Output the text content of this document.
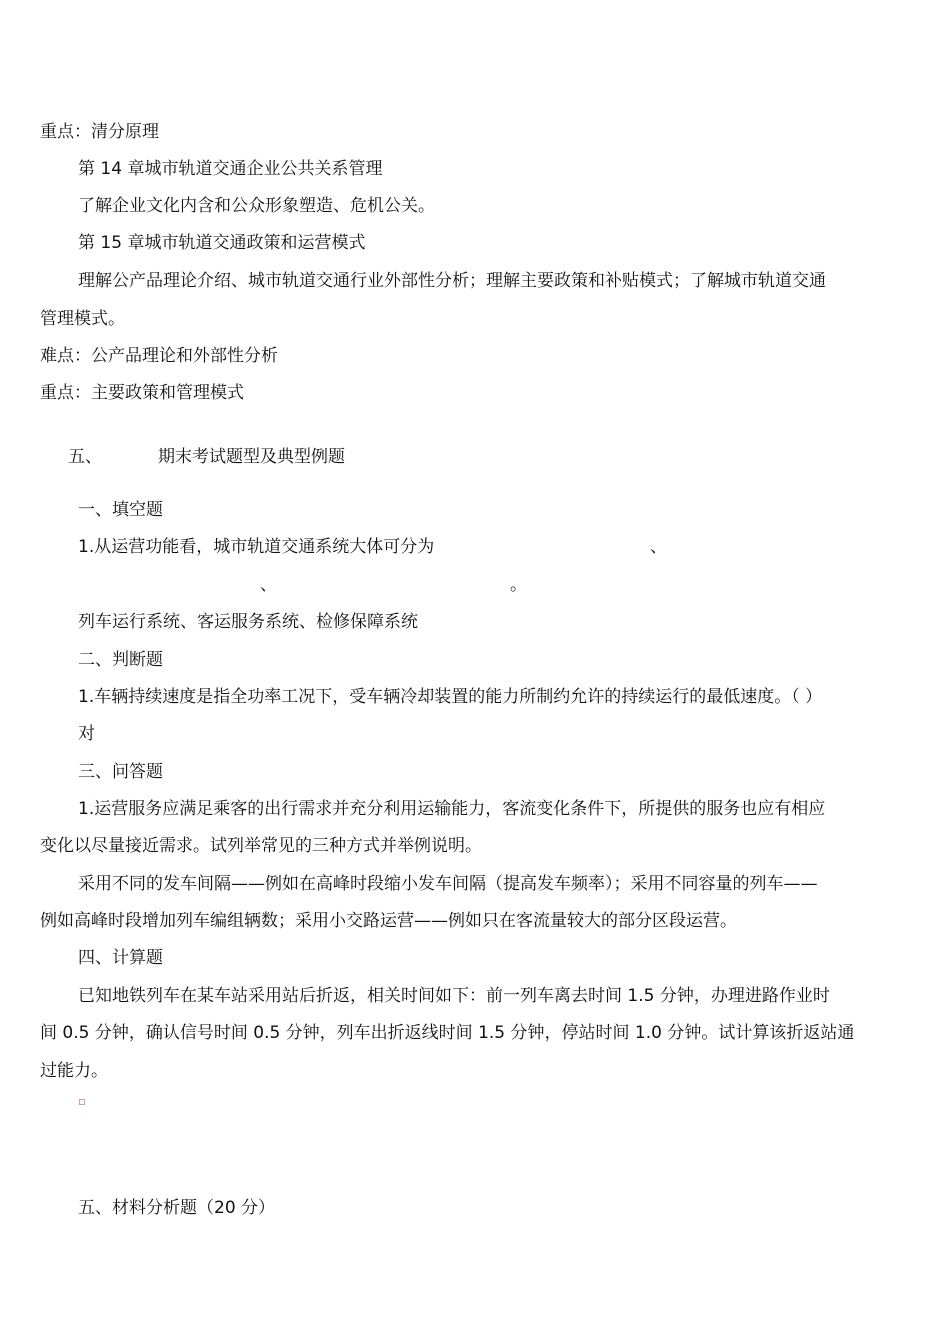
重点：清分原理
第 14 章城市轨道交通企业公共关系管理
了解企业文化内含和公众形象塑造、危机公关。
第 15 章城市轨道交通政策和运营模式
理解公产品理论介绍、城市轨道交通行业外部性分析；理解主要政策和补贴模式；了解城市轨道交通
管理模式。
难点：公产品理论和外部性分析
重点：主要政策和管理模式
五、	期末考试题型及典型例题
一、填空题
1.从运营功能看，城市轨道交通系统大体可分为	、
、	。
列车运行系统、客运服务系统、检修保障系统
二、判断题
1.车辆持续速度是指全功率工况下，受车辆冷却装置的能力所制约允许的持续运行的最低速度。（ ）
对
三、问答题
1.运营服务应满足乘客的出行需求并充分利用运输能力，客流变化条件下，所提供的服务也应有相应
变化以尽量接近需求。试列举常见的三种方式并举例说明。
采用不同的发车间隔——例如在高峰时段缩小发车间隔（提高发车频率）；采用不同容量的列车——
例如高峰时段增加列车编组辆数；采用小交路运营——例如只在客流量较大的部分区段运营。
四、计算题
已知地铁列车在某车站采用站后折返，相关时间如下：前一列车离去时间 1.5 分钟，办理进路作业时
间 0.5 分钟，确认信号时间 0.5 分钟，列车出折返线时间 1.5 分钟，停站时间 1.0 分钟。试计算该折返站通
过能力。
五、材料分析题（20 分）
